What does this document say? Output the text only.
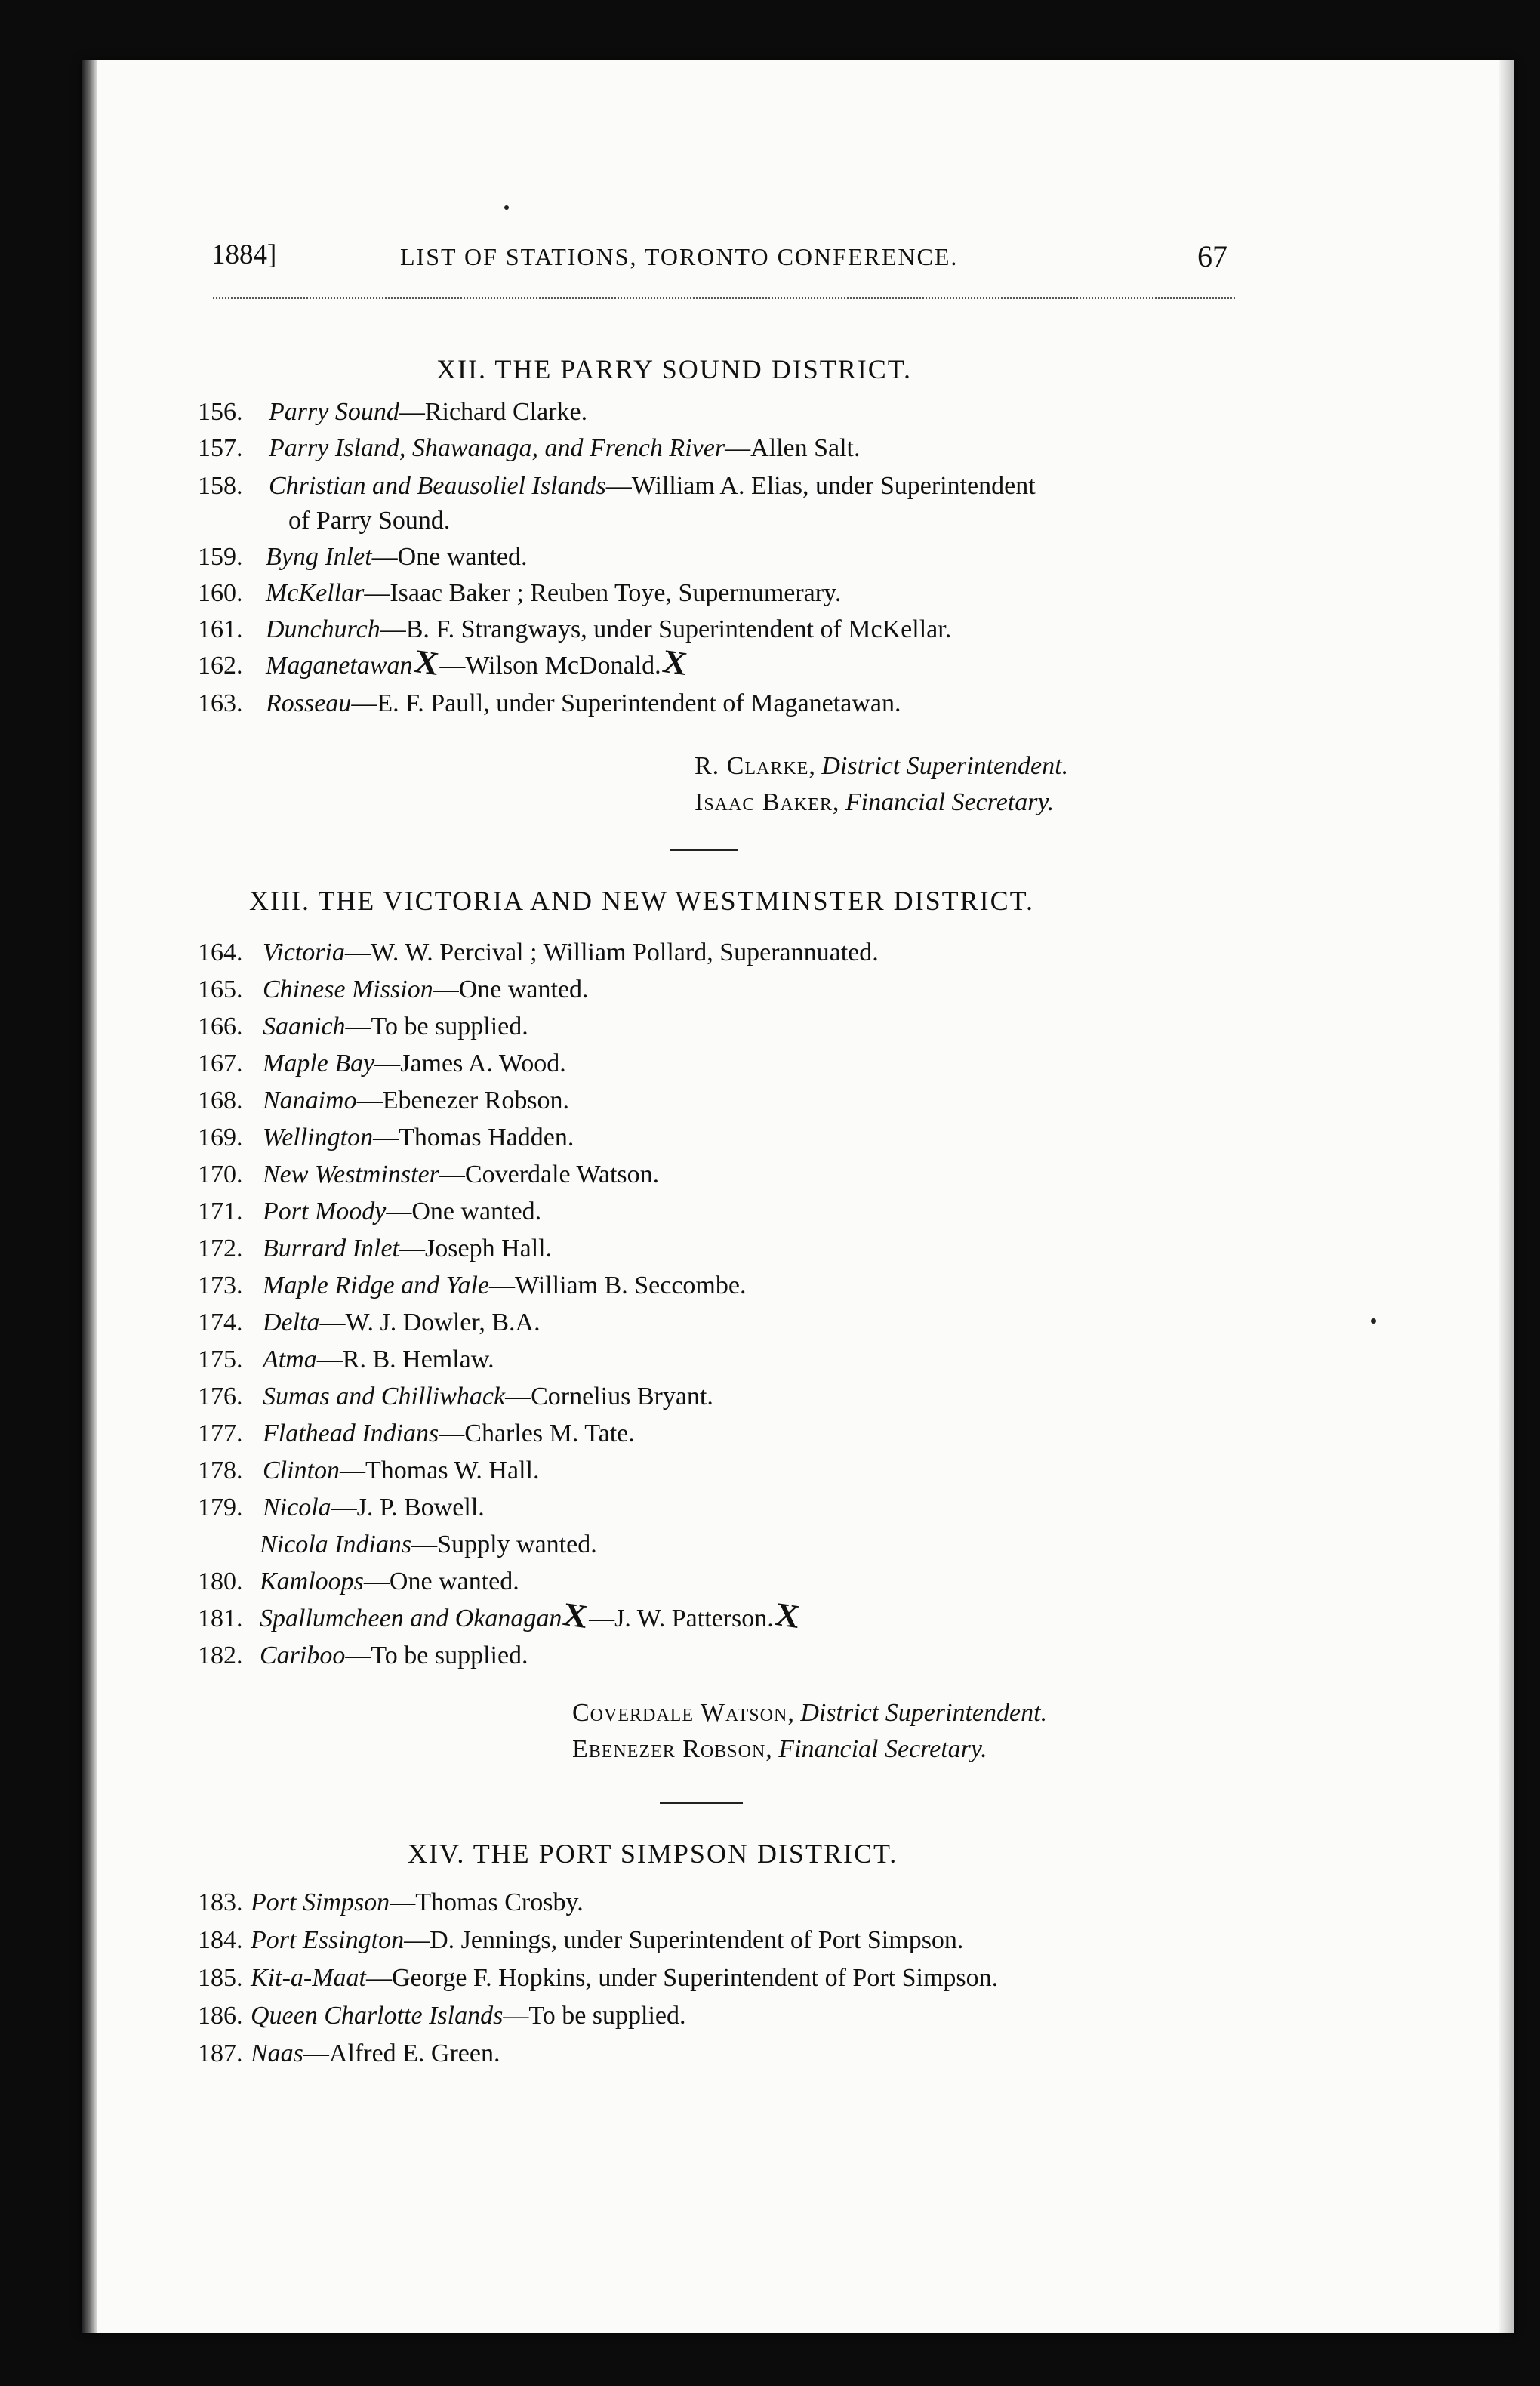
1884]	LIST OF STATIONS, TORONTO CONFERENCE.	67
XII. THE PARRY SOUND DISTRICT.
156. Parry Sound—Richard Clarke.
157. Parry Island, Shawanaga, and French River—Allen Salt.
158. Christian and Beausoliel Islands—William A. Elias, under Superintendent
of Parry Sound.
159. Byng Inlet—One wanted.
160. McKellar—Isaac Baker ; Reuben Toye, Supernumerary.
161. Dunchurch—B. F. Strangways, under Superintendent of McKellar.
162. MaganetawanX—Wilson McDonald.X
163. Rosseau—E. F. Paull, under Superintendent of Maganetawan.
R. Clarke, District Superintendent.
Isaac Baker, Financial Secretary.
XIII. THE VICTORIA AND NEW WESTMINSTER DISTRICT.
164. Victoria—W. W. Percival ; William Pollard, Superannuated.
165. Chinese Mission—One wanted.
166. Saanich—To be supplied.
167. Maple Bay—James A. Wood.
168. Nanaimo—Ebenezer Robson.
169. Wellington—Thomas Hadden.
170. New Westminster—Coverdale Watson.
171. Port Moody—One wanted.
172. Burrard Inlet—Joseph Hall.
173. Maple Ridge and Yale—William B. Seccombe.
174. Delta—W. J. Dowler, B.A.
175. Atma—R. B. Hemlaw.
176. Sumas and Chilliwhack—Cornelius Bryant.
177. Flathead Indians—Charles M. Tate.
178. Clinton—Thomas W. Hall.
179. Nicola—J. P. Bowell.
Nicola Indians—Supply wanted.
180. Kamloops—One wanted.
181. Spallumcheen and OkanaganX—J. W. Patterson.X
182. Cariboo—To be supplied.
Coverdale Watson, District Superintendent.
Ebenezer Robson, Financial Secretary.
XIV. THE PORT SIMPSON DISTRICT.
183. Port Simpson—Thomas Crosby.
184. Port Essington—D. Jennings, under Superintendent of Port Simpson.
185. Kit-a-Maat—George F. Hopkins, under Superintendent of Port Simpson.
186. Queen Charlotte Islands—To be supplied.
187. Naas—Alfred E. Green.
